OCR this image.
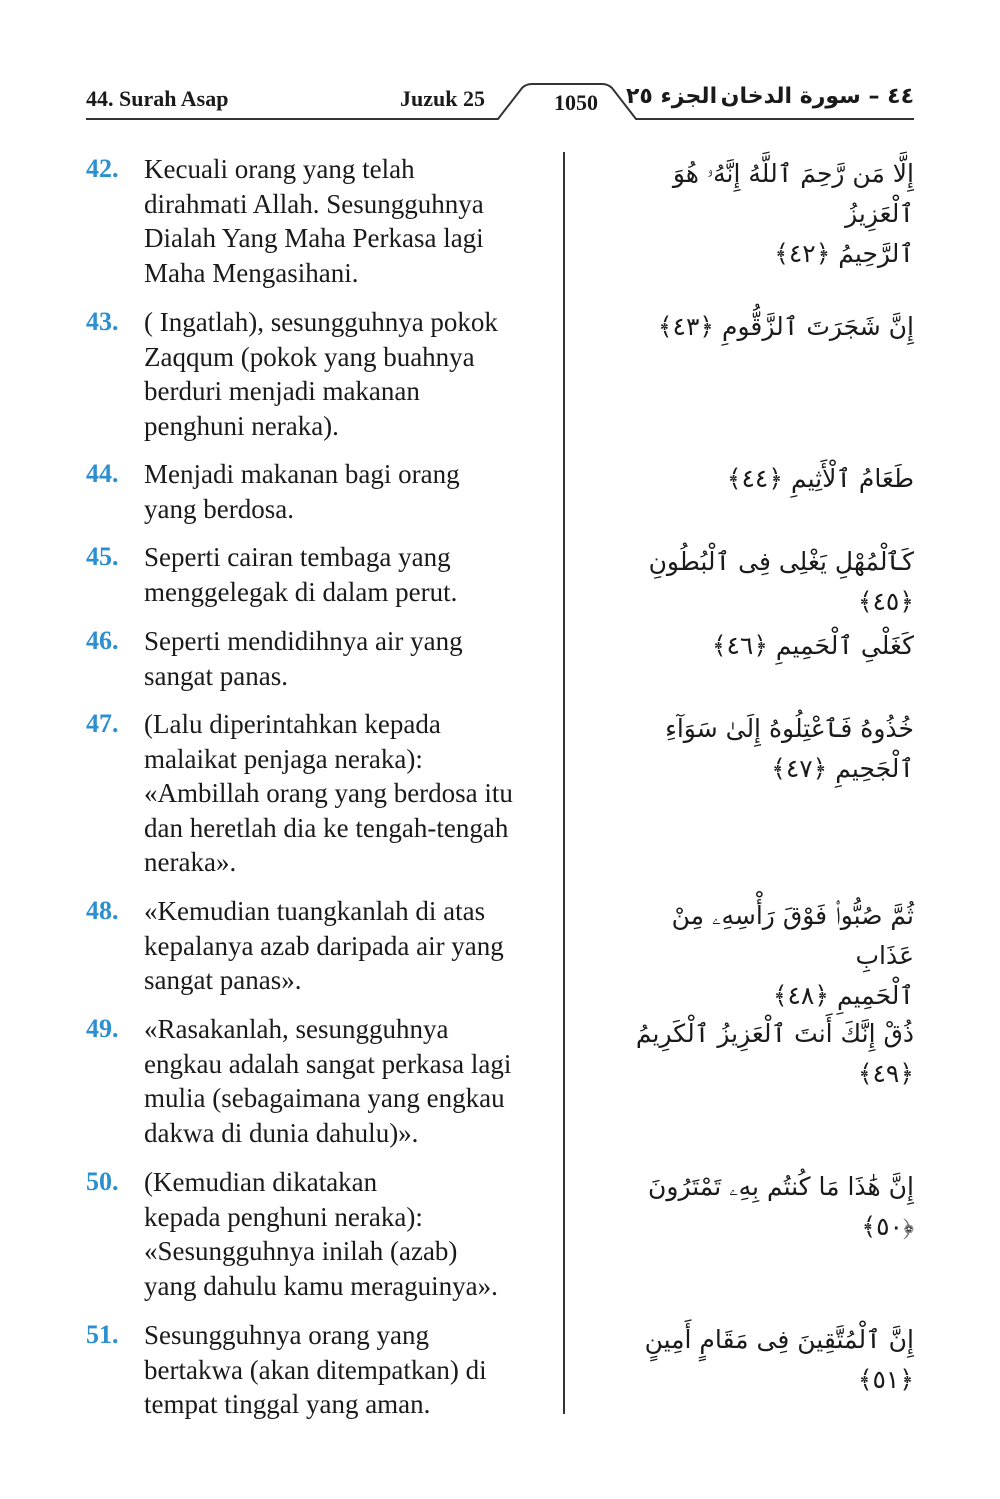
44. Surah Asap	Juzuk 25	1050	الجزء ٢٥ ٤٤ – سورة الدخان
42. Kecuali orang yang telah
dirahmati Allah. Sesungguhnya
Dialah Yang Maha Perkasa lagi
Maha Mengasihani.
إِلَّا مَن رَّحِمَ ٱللَّهُ إِنَّهُۥ هُوَ ٱلْعَزِيزُ
ٱلرَّحِيمُ ﴿٤٢﴾
43. ( Ingatlah), sesungguhnya pokok
Zaqqum (pokok yang buahnya
berduri menjadi makanan
penghuni neraka).
إِنَّ شَجَرَتَ ٱلزَّقُّومِ ﴿٤٣﴾
44. Menjadi makanan bagi orang
yang berdosa.
طَعَامُ ٱلْأَثِيمِ ﴿٤٤﴾
45. Seperti cairan tembaga yang
menggelegak di dalam perut.
كَٱلْمُهْلِ يَغْلِى فِى ٱلْبُطُونِ ﴿٤٥﴾
46. Seperti mendidihnya air yang
sangat panas.
كَغَلْىِ ٱلْحَمِيمِ ﴿٤٦﴾
47. (Lalu diperintahkan kepada
malaikat penjaga neraka):
«Ambillah orang yang berdosa itu
dan heretlah dia ke tengah-tengah
neraka».
خُذُوهُ فَٱعْتِلُوهُ إِلَىٰ سَوَآءِ ٱلْجَحِيمِ ﴿٤٧﴾
48. «Kemudian tuangkanlah di atas
kepalanya azab daripada air yang
sangat panas».
ثُمَّ صُبُّوا۟ فَوْقَ رَأْسِهِۦ مِنْ عَذَابِ
ٱلْحَمِيمِ ﴿٤٨﴾
49. «Rasakanlah, sesungguhnya
engkau adalah sangat perkasa lagi
mulia (sebagaimana yang engkau
dakwa di dunia dahulu)».
ذُقْ إِنَّكَ أَنتَ ٱلْعَزِيزُ ٱلْكَرِيمُ ﴿٤٩﴾
50. (Kemudian dikatakan
kepada penghuni neraka):
«Sesungguhnya inilah (azab)
yang dahulu kamu meraguinya».
إِنَّ هَٰذَا مَا كُنتُم بِهِۦ تَمْتَرُونَ ﴿٥٠﴾
51. Sesungguhnya orang yang
bertakwa (akan ditempatkan) di
tempat tinggal yang aman.
إِنَّ ٱلْمُتَّقِينَ فِى مَقَامٍ أَمِينٍ ﴿٥١﴾
